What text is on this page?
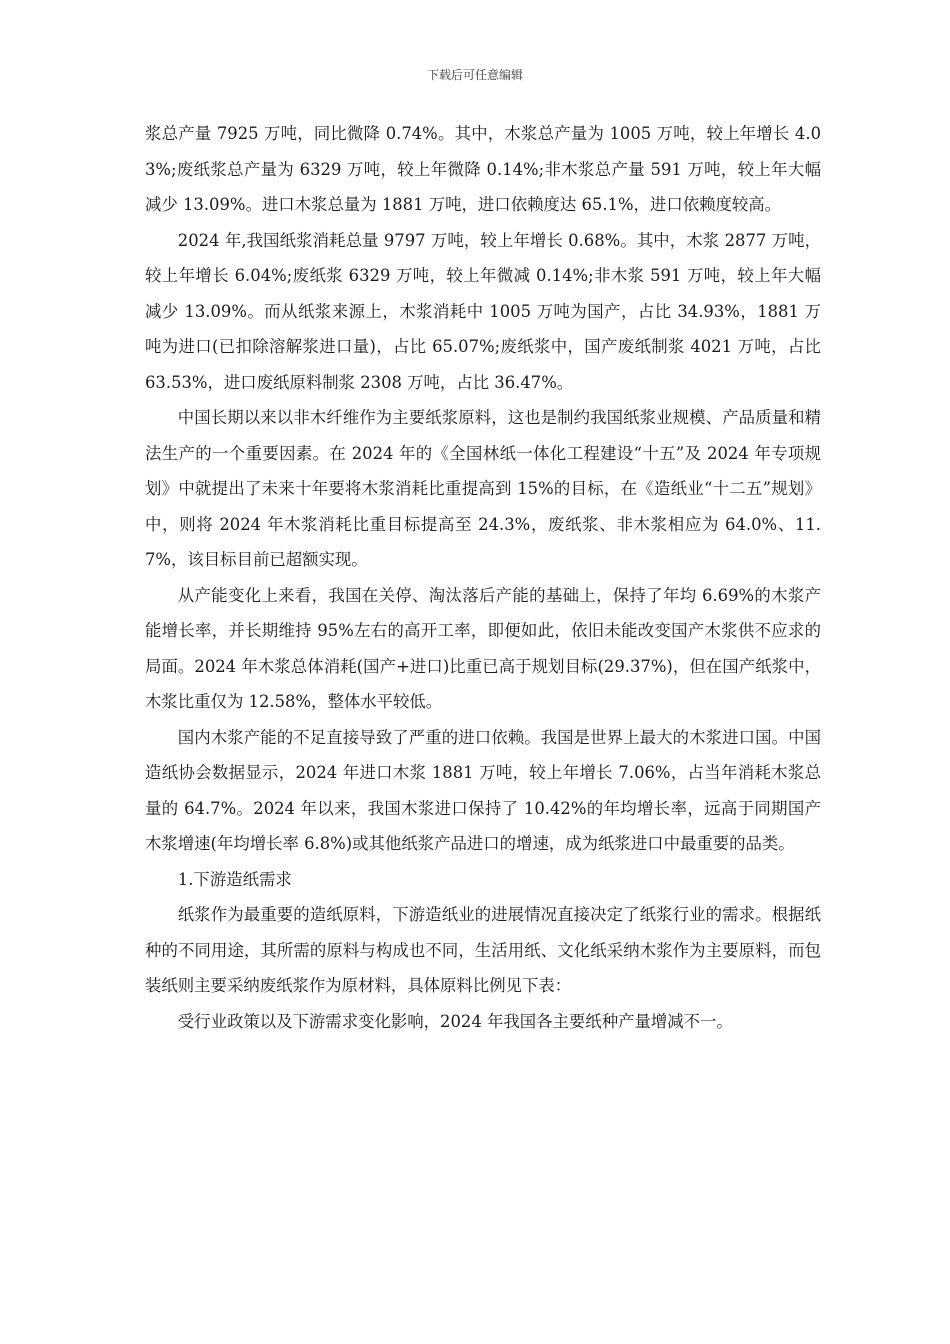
下载后可任意编辑

浆总产量 7925 万吨，同比微降 0.74%。其中，木浆总产量为 1005 万吨，较上年增长 4.03%;废纸浆总产量为 6329 万吨，较上年微降 0.14%;非木浆总产量 591 万吨，较上年大幅减少 13.09%。进口木浆总量为 1881 万吨，进口依赖度达 65.1%，进口依赖度较高。

2024 年,我国纸浆消耗总量 9797 万吨，较上年增长 0.68%。其中，木浆 2877 万吨，较上年增长 6.04%;废纸浆 6329 万吨，较上年微减 0.14%;非木浆 591 万吨，较上年大幅减少 13.09%。而从纸浆来源上，木浆消耗中 1005 万吨为国产，占比 34.93%，1881 万吨为进口(已扣除溶解浆进口量)，占比 65.07%;废纸浆中，国产废纸制浆 4021 万吨，占比 63.53%，进口废纸原料制浆 2308 万吨，占比 36.47%。

中国长期以来以非木纤维作为主要纸浆原料，这也是制约我国纸浆业规模、产品质量和精法生产的一个重要因素。在 2024 年的《全国林纸一体化工程建设“十五”及 2024 年专项规划》中就提出了未来十年要将木浆消耗比重提高到 15%的目标，在《造纸业“十二五”规划》中，则将 2024 年木浆消耗比重目标提高至 24.3%，废纸浆、非木浆相应为 64.0%、11.7%，该目标目前已超额实现。

从产能变化上来看，我国在关停、淘汰落后产能的基础上，保持了年均 6.69%的木浆产能增长率，并长期维持 95%左右的高开工率，即便如此，依旧未能改变国产木浆供不应求的局面。2024 年木浆总体消耗(国产+进口)比重已高于规划目标(29.37%)，但在国产纸浆中，木浆比重仅为 12.58%，整体水平较低。

国内木浆产能的不足直接导致了严重的进口依赖。我国是世界上最大的木浆进口国。中国造纸协会数据显示，2024 年进口木浆 1881 万吨，较上年增长 7.06%，占当年消耗木浆总量的 64.7%。2024 年以来，我国木浆进口保持了 10.42%的年均增长率，远高于同期国产木浆增速(年均增长率 6.8%)或其他纸浆产品进口的增速，成为纸浆进口中最重要的品类。

1.下游造纸需求

纸浆作为最重要的造纸原料，下游造纸业的进展情况直接决定了纸浆行业的需求。根据纸种的不同用途，其所需的原料与构成也不同，生活用纸、文化纸采纳木浆作为主要原料，而包装纸则主要采纳废纸浆作为原材料，具体原料比例见下表：

受行业政策以及下游需求变化影响，2024 年我国各主要纸种产量增减不一。
